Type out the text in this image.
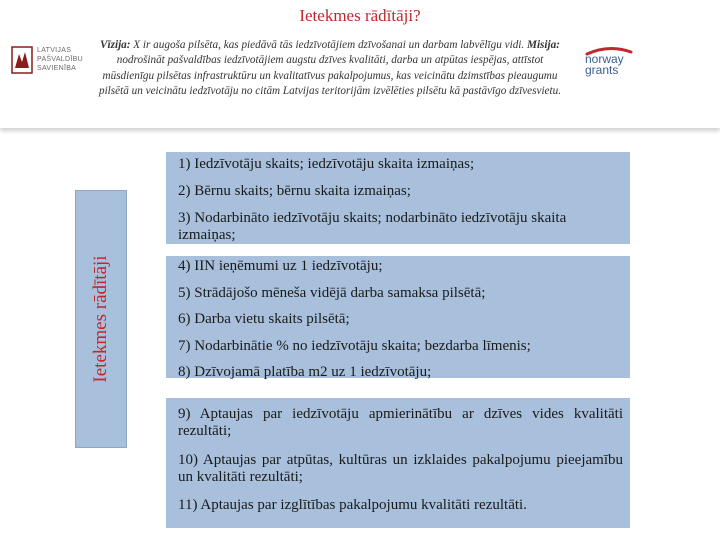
Ietekmes rādītāji?
LATVIJAS
PAŠVALDĪBU
SAVIENĪBA
norway
grants
Vīzija: X ir augoša pilsēta, kas piedāvā tās iedzīvotājiem dzīvošanai un darbam labvēlīgu vidi. Misija: nodrošināt pašvaldības iedzīvotājiem augstu dzīves kvalitāti, darba un atpūtas iespējas, attīstot mūsdienīgu pilsētas infrastruktūru un kvalitatīvus pakalpojumus, kas veicinātu dzimstības pieaugumu pilsētā un veicinātu iedzīvotāju no citām Latvijas teritorijām izvēlēties pilsētu kā pastāvīgo dzīvesvietu.
Ietekmes rādītāji
1) Iedzīvotāju skaits; iedzīvotāju skaita izmaiņas;
2) Bērnu skaits; bērnu skaita izmaiņas;
3) Nodarbināto iedzīvotāju skaits; nodarbināto iedzīvotāju skaita izmaiņas;
4) IIN ieņēmumi uz 1 iedzīvotāju;
5) Strādājošo mēneša vidējā darba samaksa pilsētā;
6) Darba vietu skaits pilsētā;
7) Nodarbinātie % no iedzīvotāju skaita; bezdarba līmenis;
8) Dzīvojamā platība m2 uz 1 iedzīvotāju;
9) Aptaujas par iedzīvotāju apmierinātību ar dzīves vides kvalitāti rezultāti;
10) Aptaujas par atpūtas, kultūras un izklaides pakalpojumu pieejamību un kvalitāti rezultāti;
11) Aptaujas par izglītības pakalpojumu kvalitāti rezultāti.
